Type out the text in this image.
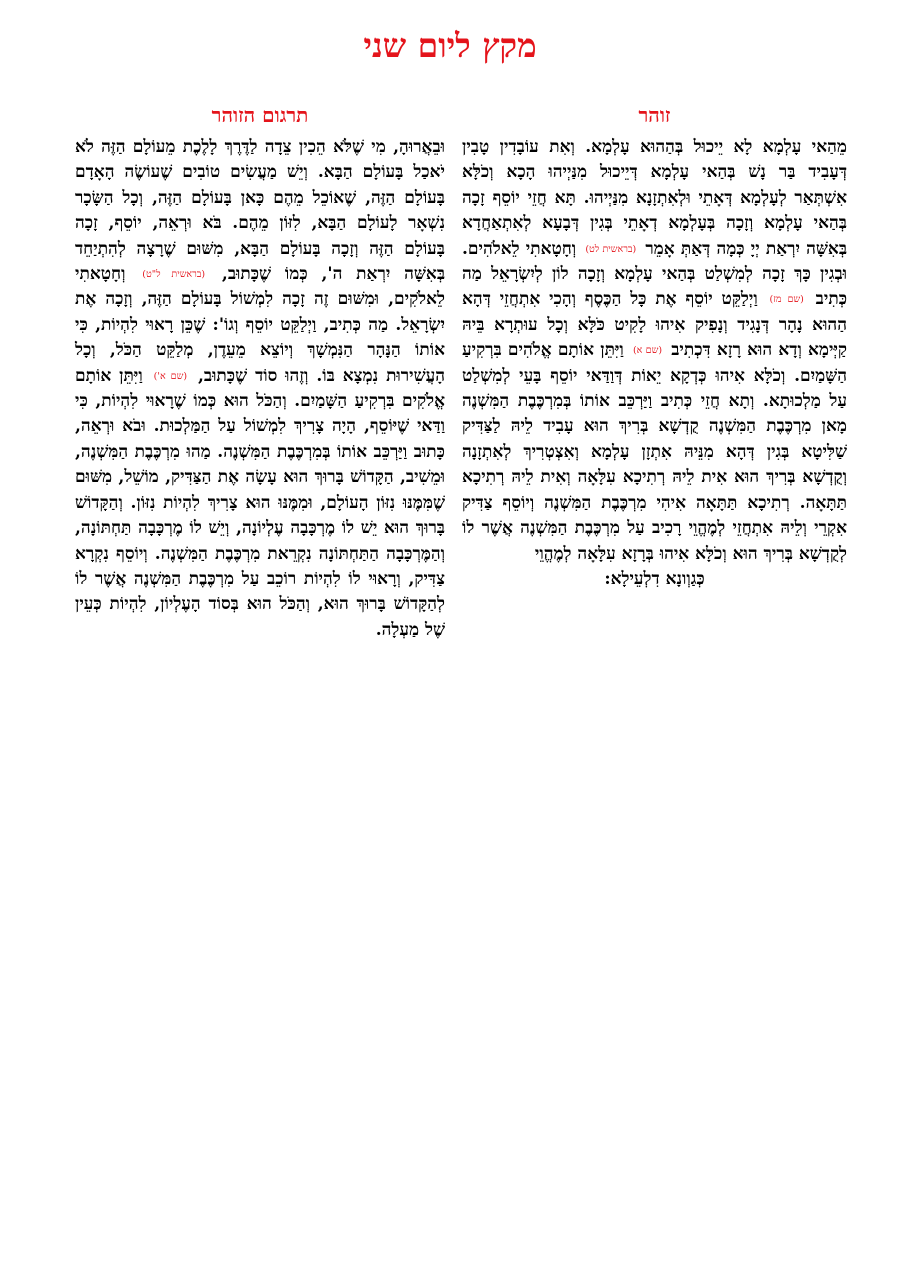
מקץ ליום שני
זוהר
תרגום הזוהר
מֵהַאי עָלְמָא לָא יֵיכוּל בְּהַהוּא עָלְמָא. וְאִת עוֹבָדִין טָבִין דְּעָבִיד בַּר נָשׁ בְּהַאי עָלְמָא דְּיֵיכוּל מִנַּיְיהוּ הָכָא וְכֹלָּא אִשְׁתְּאַר לְעָלְמָא דְּאָתֵי וּלְאִתְזָנָא מִנַּיְיהוּ. תָּא חֲזֵי יוֹסֵף זָכָה בְּהַאי עָלְמָא וְזָכָה בְּעָלְמָא דְאָתֵי בְּגִין דְּבָעָא לְאִתְאַחֲדָא בְּאִשָּׁה יִרְאַת יְיָ כְּמָה דְּאַתְּ אָמֵר (בראשית לט) וְחָטָאתִי לֵאלֹהִים. וּבְגִין כָּךְ זָכָה לְמִשְׁלַט בְּהַאי עָלְמָא וְזָכָה לוֹן לְיִשְׂרָאֵל מַה כְּתִיב (שם מז) וַיְלַקֵּט יוֹסֵף אֶת כָּל הַכֶּסֶף וְהָכִי אִתְחֲזֵי דְּהָא הַהוּא נָהָר דְּנָגִיד וְנָפִיק אִיהוּ לָקִיט כֹּלָּא וְכָל עוּתְרָא בֵּיהּ קַיְּימָא וְדָא הוּא רָזָא דִּכְתִיב (שם א) וַיִּתֵּן אוֹתָם אֱלֹהִים בִּרְקִיעַ הַשָּׁמַיִם. וְכֹלָּא אִיהוּ כְּדְקָא יֵאוֹת דְּוַדַּאי יוֹסֵף בָּעֵי לְמִשְׁלַט עַל מַלְכוּתָא. וְתָא חֲזֵי כְּתִיב וַיַּרְכֵּב אוֹתוֹ בְּמִרְכֶּבֶת הַמִּשְׁנֶה מָאן מִרְכֶּבֶת הַמִּשְׁנֶה קֻדְשָׁא בְּרִיךְ הוּא עָבִיד לֵיהּ לַצַּדִּיק שַׁלִּיטָא בְּגִין דְּהָא מִנֵּיהּ אִתְזָן עָלְמָא וְאִצְטְרִיךְ לְאִתְזָנָה וְקֻדְשָׁא בְּרִיךְ הוּא אִית לֵיהּ רְתִיכָא עִלָּאָה וְאִית לֵיהּ רְתִיכָא תַּתָּאָה. רְתִיכָא תַּתָּאָה אִיהִי מִרְכֶּבֶת הַמִּשְׁנֶה וְיוֹסֵף צַדִּיק אִקְרֵי וְלֵיהּ אִתְחֲזֵי לְמֶהֱוֵי רָכִיב עַל מִרְכֶּבֶת הַמִּשְׁנֶה אֲשֶׁר לוֹ לְקֻדְשָׁא בְּרִיךְ הוּא וְכֹלָּא אִיהוּ בְּרָזָא עִלָּאָה לְמֶהֱוֵי
כְּגַוְונָא דִלְעֵילָא:
וּבֵאֲרוּהָ, מִי שֶׁלֹּא הֵכִין צֵדָה לַדֶּרֶךְ לָלֶכֶת מֵעוֹלָם הַזֶּה לֹא יֹאכַל בָּעוֹלָם הַבָּא. וְיֵשׁ מַעֲשִׂים טוֹבִים שֶׁעוֹשֶׂה הָאָדָם בָּעוֹלָם הַזֶּה, שֶׁאוֹכֵל מֵהֶם כָּאן בָּעוֹלָם הַזֶּה, וְכָל הַשָּׂכָר נִשְׁאָר לָעוֹלָם הַבָּא, לִזּוֹן מֵהֶם. בֹּא וּרְאֵה, יוֹסֵף, זָכָה בָּעוֹלָם הַזֶּה וְזָכָה בָּעוֹלָם הַבָּא, מִשּׁוּם שֶׁרָצָה לְהִתְיַחֵד בְּאִשָּׁה יִרְאַת ה', כְּמוֹ שֶׁכָּתוּב, (בראשית ל"ט) וְחָטָאתִי לֵאלֹקִים, וּמִשּׁוּם זֶה זָכָה לִמְשׁוֹל בָּעוֹלָם הַזֶּה, וְזָכָה אֶת יִשְׂרָאֵל. מַה כְּתִיב, וַיְלַקֵּט יוֹסֵף וְגוֹ': שֶׁכֵּן רָאוּי לִהְיוֹת, כִּי אוֹתוֹ הַנָּהָר הַנִּמְשָׁךְ וְיוֹצֵא מֵעֵדֶן, מְלַקֵּט הַכֹּל, וְכָל הָעֲשִׁירוּת נִמְצָא בּוֹ. וְזֶהוּ סוֹד שֶׁכָּתוּב, (שם א') וַיִּתֵּן אוֹתָם אֱלֹקִים בִּרְקִיעַ הַשָּׁמַיִם. וְהַכֹּל הוּא כְּמוֹ שֶׁרָאוּי לִהְיוֹת, כִּי וַדַּאי שֶׁיּוֹסֵף, הָיָה צָרִיךְ לִמְשׁוֹל עַל הַמַּלְכוּת. וּבֹא וּרְאֵה, כָּתוּב וַיַּרְכֵּב אוֹתוֹ בְּמִרְכֶּבֶת הַמִּשְׁנֶה. מַהוּ מִרְכֶּבֶת הַמִּשְׁנֶה, וּמֵשִׁיב, הַקָּדוֹשׁ בָּרוּךְ הוּא עָשָׂה אֶת הַצַּדִּיק, מוֹשֵׁל, מִשּׁוּם שֶׁמִּמֶּנּוּ נִזּוֹן הָעוֹלָם, וּמִמֶּנּוּ הוּא צָרִיךְ לִהְיוֹת נִזּוֹן. וְהַקָּדוֹשׁ בָּרוּךְ הוּא יֵשׁ לוֹ מֶרְכָּבָה עֶלְיוֹנָה, וְיֵשׁ לוֹ מֶרְכָּבָה תַּחְתּוֹנָה, וְהַמֶּרְכָּבָה הַתַּחְתּוֹנָה נִקְרֵאת מִרְכֶּבֶת הַמִּשְׁנֶה. וְיוֹסֵף נִקְרָא צַדִּיק, וְרָאוּי לוֹ לִהְיוֹת רוֹכֵב עַל מִרְכֶּבֶת הַמִּשְׁנֶה אֲשֶׁר לוֹ לְהַקָּדוֹשׁ בָּרוּךְ הוּא, וְהַכֹּל הוּא בְּסוֹד הָעֶלְיוֹן, לִהְיוֹת כְּעֵין שֶׁל מַעְלָה.
